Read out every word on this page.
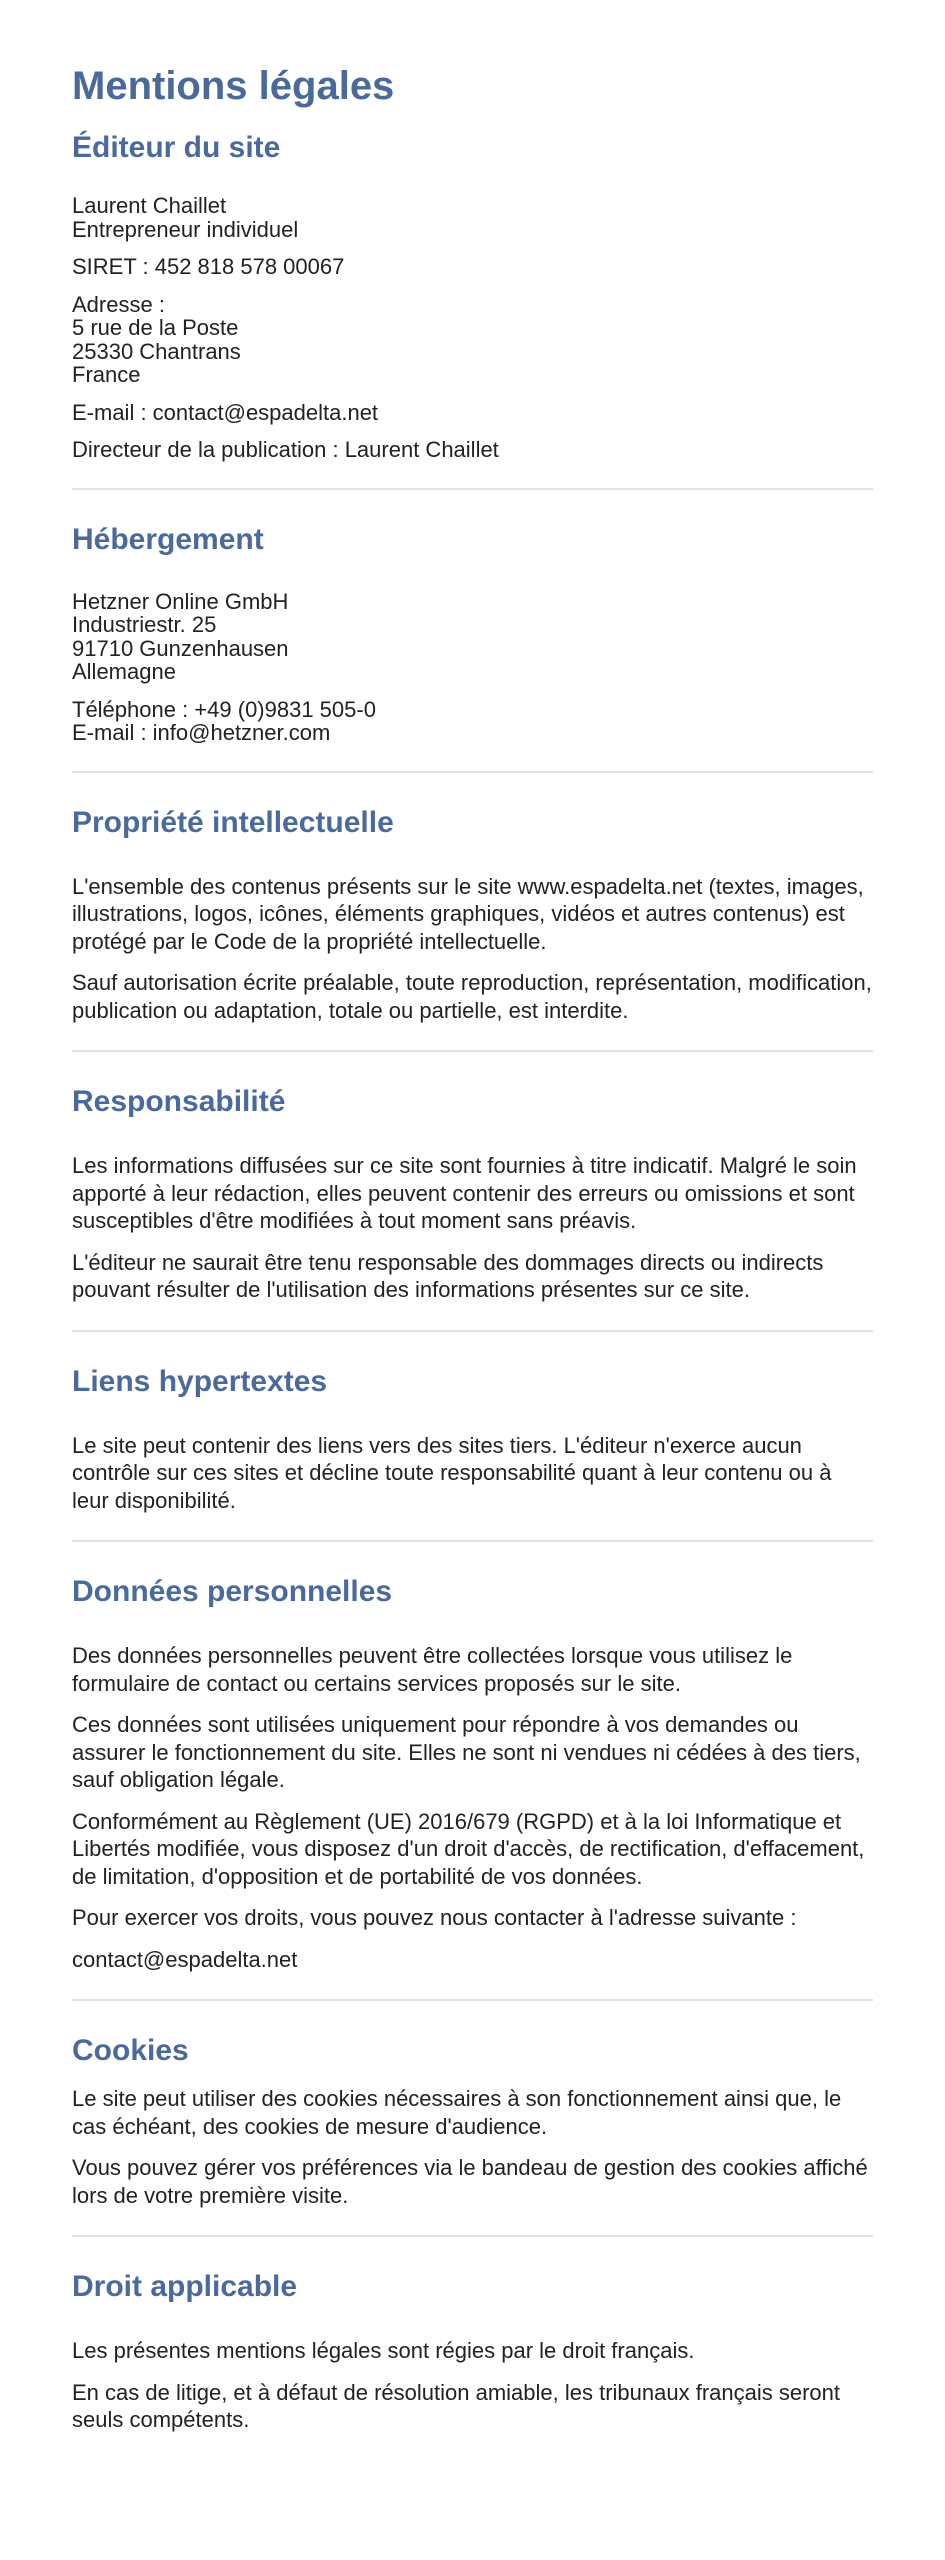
Mentions légales
Éditeur du site
Laurent Chaillet
Entrepreneur individuel
SIRET : 452 818 578 00067
Adresse :
5 rue de la Poste
25330 Chantrans
France
E-mail : contact@espadelta.net
Directeur de la publication : Laurent Chaillet
Hébergement
Hetzner Online GmbH
Industriestr. 25
91710 Gunzenhausen
Allemagne
Téléphone : +49 (0)9831 505-0
E-mail : info@hetzner.com
Propriété intellectuelle

L'ensemble des contenus présents sur le site www.espadelta.net (textes, images, illustrations, logos, icônes, éléments graphiques, vidéos et autres contenus) est protégé par le Code de la propriété intellectuelle.

Sauf autorisation écrite préalable, toute reproduction, représentation, modification, publication ou adaptation, totale ou partielle, est interdite.

Responsabilité

Les informations diffusées sur ce site sont fournies à titre indicatif. Malgré le soin apporté à leur rédaction, elles peuvent contenir des erreurs ou omissions et sont susceptibles d'être modifiées à tout moment sans préavis.

L'éditeur ne saurait être tenu responsable des dommages directs ou indirects pouvant résulter de l'utilisation des informations présentes sur ce site.

Liens hypertextes

Le site peut contenir des liens vers des sites tiers. L'éditeur n'exerce aucun contrôle sur ces sites et décline toute responsabilité quant à leur contenu ou à leur disponibilité.

Données personnelles

Des données personnelles peuvent être collectées lorsque vous utilisez le formulaire de contact ou certains services proposés sur le site.

Ces données sont utilisées uniquement pour répondre à vos demandes ou assurer le fonctionnement du site. Elles ne sont ni vendues ni cédées à des tiers, sauf obligation légale.

Conformément au Règlement (UE) 2016/679 (RGPD) et à la loi Informatique et Libertés modifiée, vous disposez d'un droit d'accès, de rectification, d'effacement, de limitation, d'opposition et de portabilité de vos données.

Pour exercer vos droits, vous pouvez nous contacter à l'adresse suivante :

contact@espadelta.net

Cookies

Le site peut utiliser des cookies nécessaires à son fonctionnement ainsi que, le cas échéant, des cookies de mesure d'audience.

Vous pouvez gérer vos préférences via le bandeau de gestion des cookies affiché lors de votre première visite.

Droit applicable

Les présentes mentions légales sont régies par le droit français.

En cas de litige, et à défaut de résolution amiable, les tribunaux français seront seuls compétents.
